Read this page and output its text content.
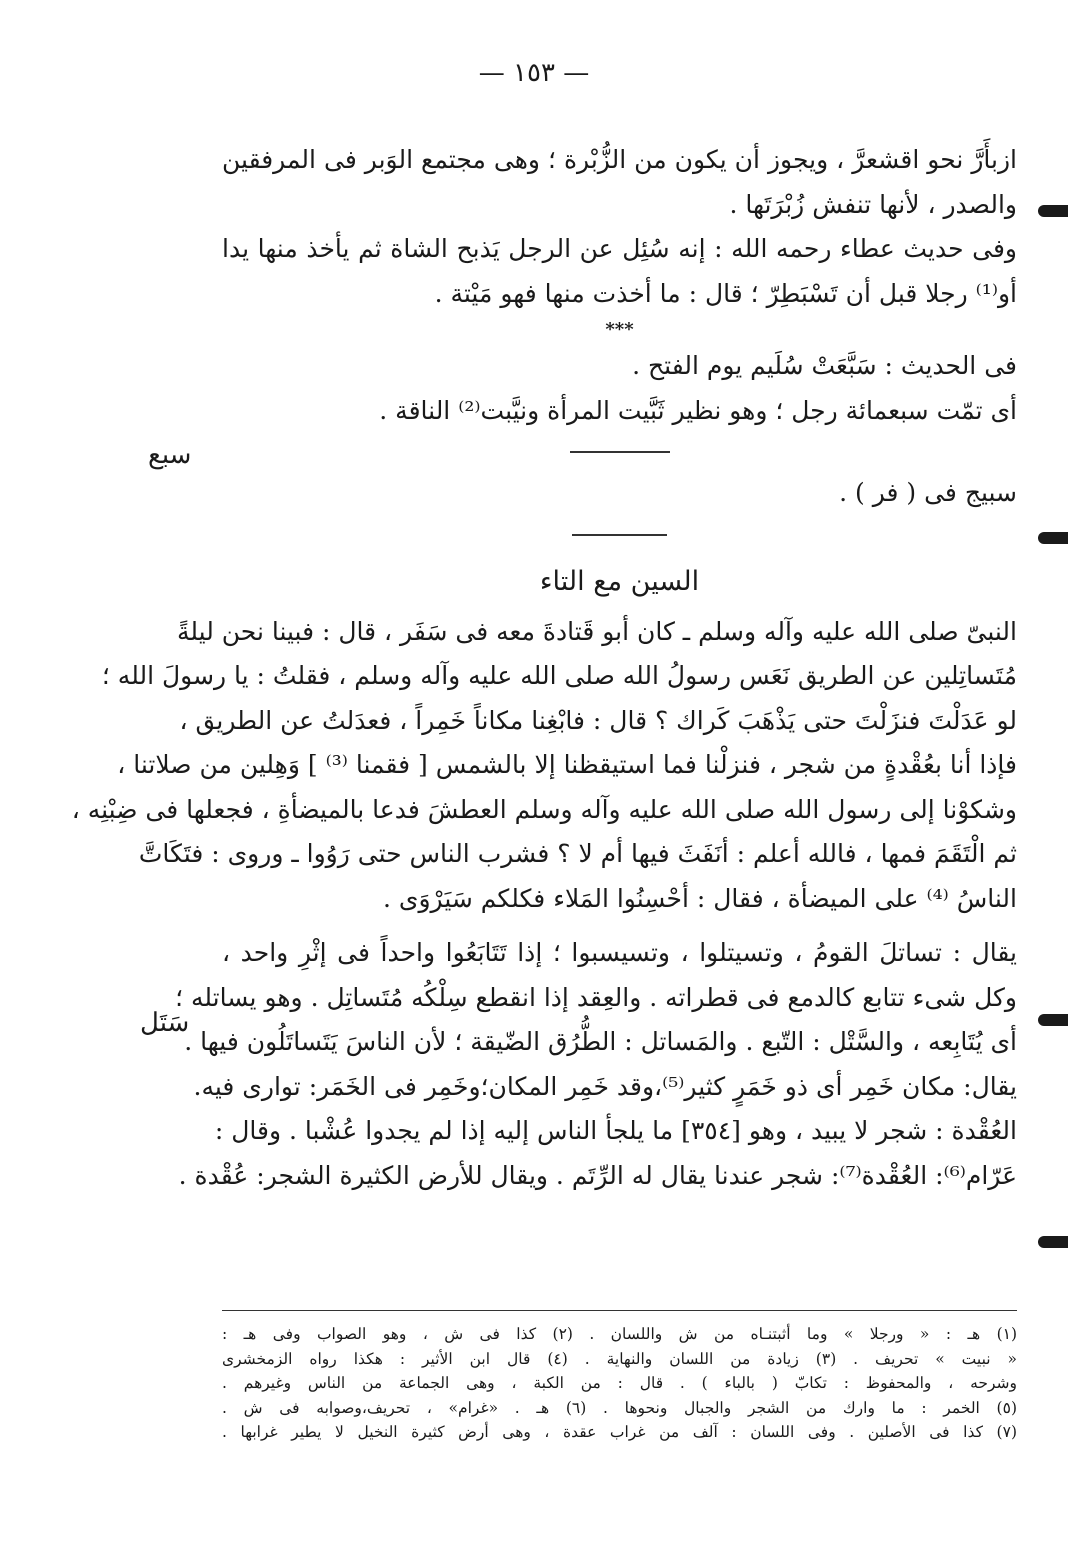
— ١٥٣ —
سبع
سَتَل
ازبأَرَّ نحو اقشعرَّ ، ويجوز أن يكون من الزُّبْرة ؛ وهى مجتمع الوَبر فى المرفقين
والصدر ، لأنها تنفش زُبْرَتَها .
وفى حديث عطاء رحمه الله : إنه سُئِل عن الرجل يَذبح الشاة ثم يأخذ منها يدا
أو⁽¹⁾ رجلا قبل أن تَسْبَطِرّ ؛ قال : ما أخذت منها فهو مَيْتة .
***
فى الحديث : سَبَّعَتْ سُلَيم يوم الفتح .
أى تمّت سبعمائة رجل ؛ وهو نظير ثَبَّيت المرأة ونيَّبت⁽²⁾ الناقة .
سبيج فى ( فر ) .
السين مع التاء
النبىّ صلى الله عليه وآله وسلم ـ كان أبو قَتادةَ معه فى سَفَر ، قال : فبينا نحن ليلةً
مُتَساتِلين عن الطريق نَعَس رسولُ الله صلى الله عليه وآله وسلم ، فقلتُ : يا رسولَ الله ؛
لو عَدَلْتَ فنزَلْتَ حتى يَذْهَبَ كَراك ؟ قال : فابْغِنا مكاناً خَمِراً ، فعدَلتُ عن الطريق ،
فإذا أنا بعُقْدةٍ من شجر ، فنزلْنا فما استيقظنا إلا بالشمس [ فقمنا ⁽³⁾ ] وَهِلين من صلاتنا ،
وشكوْنا إلى رسول الله صلى الله عليه وآله وسلم العطشَ فدعا بالميضأةِ ، فجعلها فى ضِبْنِه ،
ثم الْتَقَمَ فمها ، فالله أعلم : أنَفَثَ فيها أم لا ؟ فشرب الناس حتى رَوُوا ـ وروى : فتَكَاتَّ
الناسُ ⁽⁴⁾ على الميضأة ، فقال : أحْسِنُوا المَلاء فكلكم سَيَرْوَى .
يقال : تساتلَ القومُ ، وتسيتلوا ، وتسيسبوا ؛ إذا تَتَابَعُوا واحداً فى إثْرِ واحد ،
وكل شىء تتابع كالدمع فى قطراته . والعِقد إذا انقطع سِلْكُه مُتَساتِل . وهو يساتله ؛
أى يُتَابِعه ، والسَّتْل : التّبع . والمَساتل : الطُّرُق الضّيقة ؛ لأن الناسَ يَتَساتَلُون فيها .
يقال: مكان خَمِر أى ذو خَمَرٍ كثير⁽⁵⁾،وقد خَمِر المكان؛وخَمِر فى الخَمَر: توارى فيه.
العُقْدة : شجر لا يبيد ، وهو [٣٥٤] ما يلجأ الناس إليه إذا لم يجدوا عُشْبا . وقال :
عَرّام⁽⁶⁾: العُقْدة⁽⁷⁾: شجر عندنا يقال له الرِّتَم . ويقال للأرض الكثيرة الشجر: عُقْدة .
(١) هـ : « ورجلا » وما أثبتنـاه من ش واللسان . (٢) كذا فى ش ، وهو الصواب وفى هـ :
« نبيت » تحريف . (٣) زيادة من اللسان والنهاية . (٤) قال ابن الأثير : هكذا رواه الزمخشرى
وشرحه ، والمحفوظ : تكابّ ( بالباء ) . قال : من الكبة ، وهى الجماعة من الناس وغيرهم .
(٥) الخمر : ما وارك من الشجر والجبال ونحوها . (٦) هـ . «غرام» ، تحريف،وصوابه فى ش .
(٧) كذا فى الأصلين . وفى اللسان : آلف من غراب عقدة ، وهى أرض كثيرة النخيل لا يطير غرابها .
